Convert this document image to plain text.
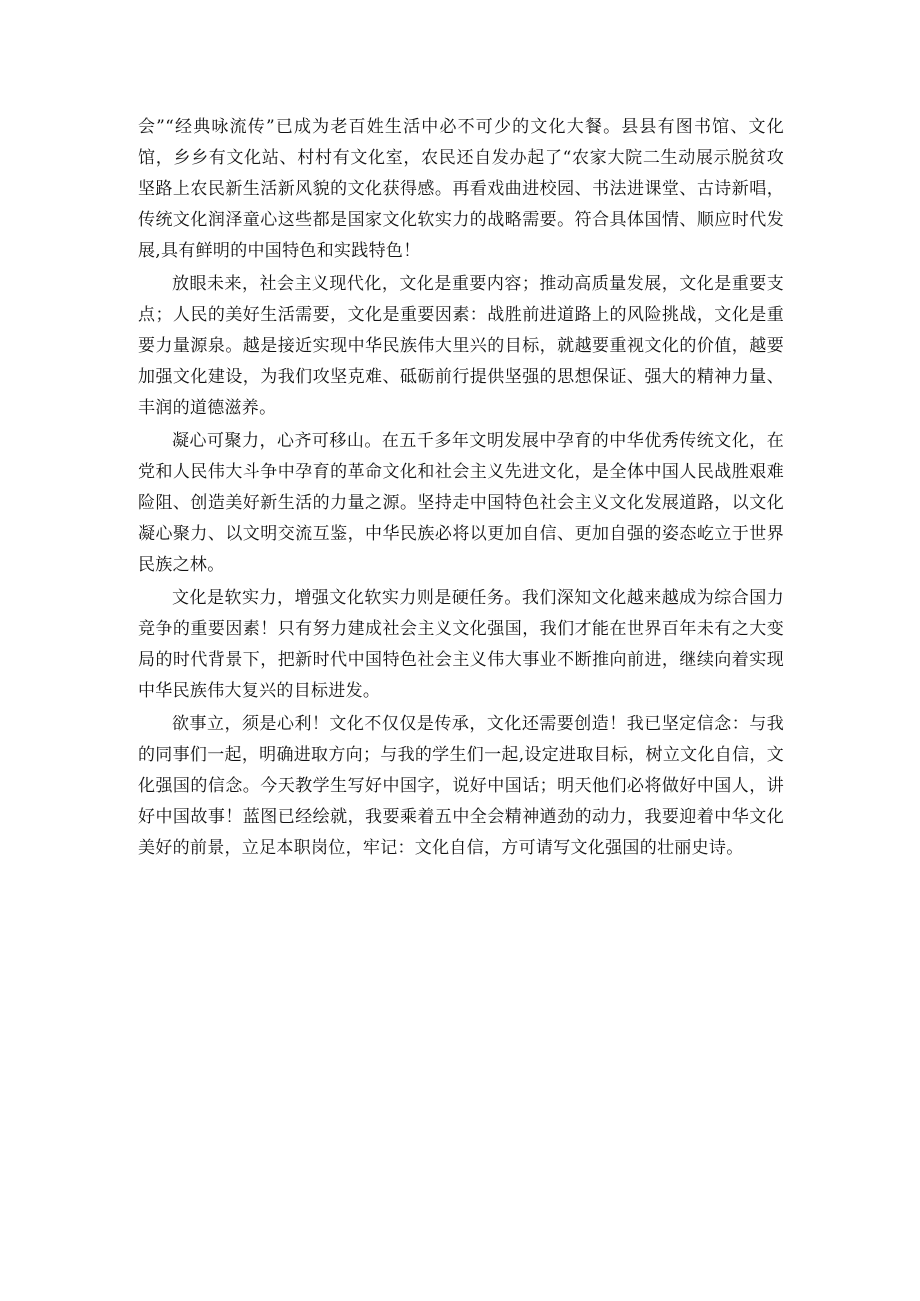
会”“经典咏流传”已成为老百姓生活中必不可少的文化大餐。县县有图书馆、文化馆，乡乡有文化站、村村有文化室，农民还自发办起了“农家大院二生动展示脱贫攻坚路上农民新生活新风貌的文化获得感。再看戏曲进校园、书法进课堂、古诗新唱，传统文化润泽童心这些都是国家文化软实力的战略需要。符合具体国情、顺应时代发展,具有鲜明的中国特色和实践特色！

放眼未来，社会主义现代化，文化是重要内容；推动高质量发展，文化是重要支点；人民的美好生活需要，文化是重要因素：战胜前进道路上的风险挑战，文化是重要力量源泉。越是接近实现中华民族伟大里兴的目标，就越要重视文化的价值，越要加强文化建设，为我们攻坚克难、砥砺前行提供坚强的思想保证、强大的精神力量、丰润的道德滋养。

凝心可聚力，心齐可移山。在五千多年文明发展中孕育的中华优秀传统文化，在党和人民伟大斗争中孕育的革命文化和社会主义先进文化，是全体中国人民战胜艰难险阻、创造美好新生活的力量之源。坚持走中国特色社会主义文化发展道路，以文化凝心聚力、以文明交流互鉴，中华民族必将以更加自信、更加自强的姿态屹立于世界民族之林。

文化是软实力，增强文化软实力则是硬任务。我们深知文化越来越成为综合国力竞争的重要因素！只有努力建成社会主义文化强国，我们才能在世界百年未有之大变局的时代背景下，把新时代中国特色社会主义伟大事业不断推向前进，继续向着实现中华民族伟大复兴的目标进发。

欲事立，须是心利！文化不仅仅是传承，文化还需要创造！我已坚定信念：与我的同事们一起，明确进取方向；与我的学生们一起,设定进取目标，树立文化自信，文化强国的信念。今天教学生写好中国字，说好中国话；明天他们必将做好中国人，讲好中国故事！蓝图已经绘就，我要乘着五中全会精神遒劲的动力，我要迎着中华文化美好的前景，立足本职岗位，牢记：文化自信，方可请写文化强国的壮丽史诗。
